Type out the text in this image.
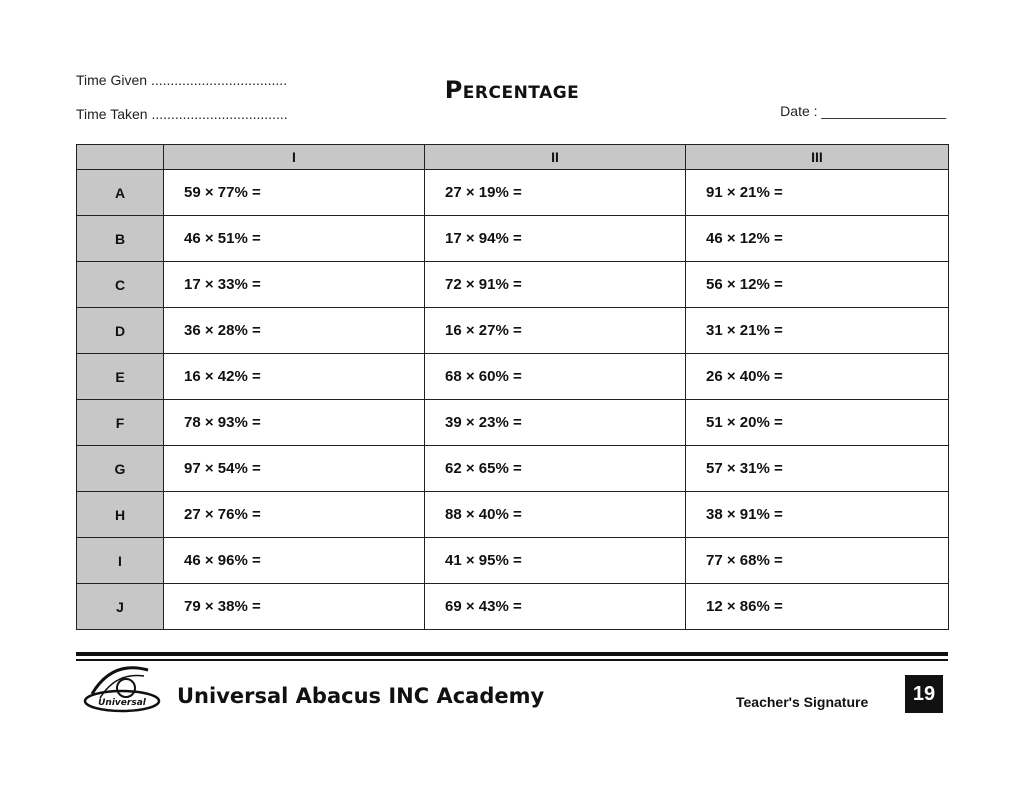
Time Given ...................................
Time Taken ...................................
Percentage
Date : ________________
	I	II	III
A	59 × 77% =	27 × 19% =	91 × 21% =
B	46 × 51% =	17 × 94% =	46 × 12% =
C	17 × 33% =	72 × 91% =	56 × 12% =
D	36 × 28% =	16 × 27% =	31 × 21% =
E	16 × 42% =	68 × 60% =	26 × 40% =
F	78 × 93% =	39 × 23% =	51 × 20% =
G	97 × 54% =	62 × 65% =	57 × 31% =
H	27 × 76% =	88 × 40% =	38 × 91% =
I	46 × 96% =	41 × 95% =	77 × 68% =
J	79 × 38% =	69 × 43% =	12 × 86% =
Universal Universal Abacus INC Academy	Teacher's Signature	19
